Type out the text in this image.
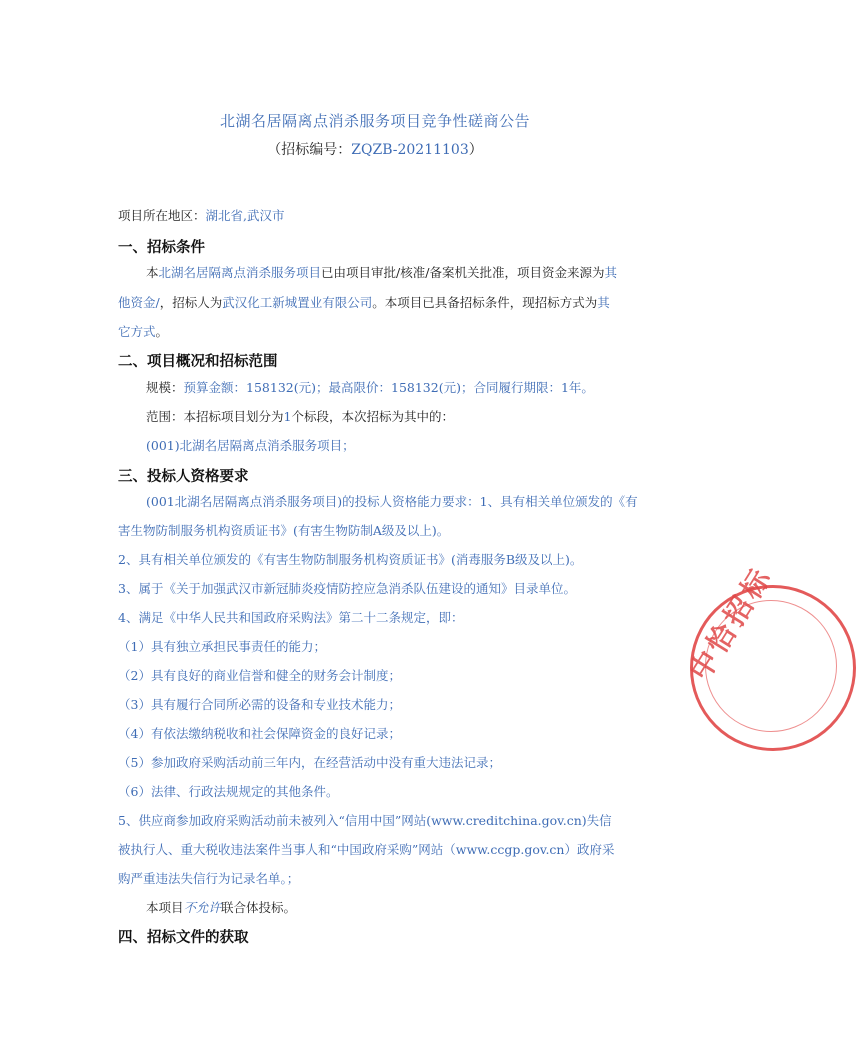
北湖名居隔离点消杀服务项目竞争性磋商公告
（招标编号：ZQZB-20211103）
项目所在地区：湖北省,武汉市
一、招标条件
本北湖名居隔离点消杀服务项目已由项目审批/核准/备案机关批准，项目资金来源为其
他资金/，招标人为武汉化工新城置业有限公司。本项目已具备招标条件，现招标方式为其
它方式。
二、项目概况和招标范围
规模：预算金额：158132(元)；最高限价：158132(元)；合同履行期限：1年。
范围：本招标项目划分为1个标段，本次招标为其中的：
(001)北湖名居隔离点消杀服务项目；
三、投标人资格要求
(001北湖名居隔离点消杀服务项目)的投标人资格能力要求：1、具有相关单位颁发的《有
害生物防制服务机构资质证书》(有害生物防制A级及以上)。
2、具有相关单位颁发的《有害生物防制服务机构资质证书》(消毒服务B级及以上)。
3、属于《关于加强武汉市新冠肺炎疫情防控应急消杀队伍建设的通知》目录单位。
4、满足《中华人民共和国政府采购法》第二十二条规定，即：
（1）具有独立承担民事责任的能力；
（2）具有良好的商业信誉和健全的财务会计制度；
（3）具有履行合同所必需的设备和专业技术能力；
（4）有依法缴纳税收和社会保障资金的良好记录；
（5）参加政府采购活动前三年内，在经营活动中没有重大违法记录；
（6）法律、行政法规规定的其他条件。
5、供应商参加政府采购活动前未被列入“信用中国”网站(www.creditchina.gov.cn)失信
被执行人、重大税收违法案件当事人和“中国政府采购”网站（www.ccgp.gov.cn）政府采
购严重违法失信行为记录名单。；
本项目不允许联合体投标。
四、招标文件的获取
中恰招标
